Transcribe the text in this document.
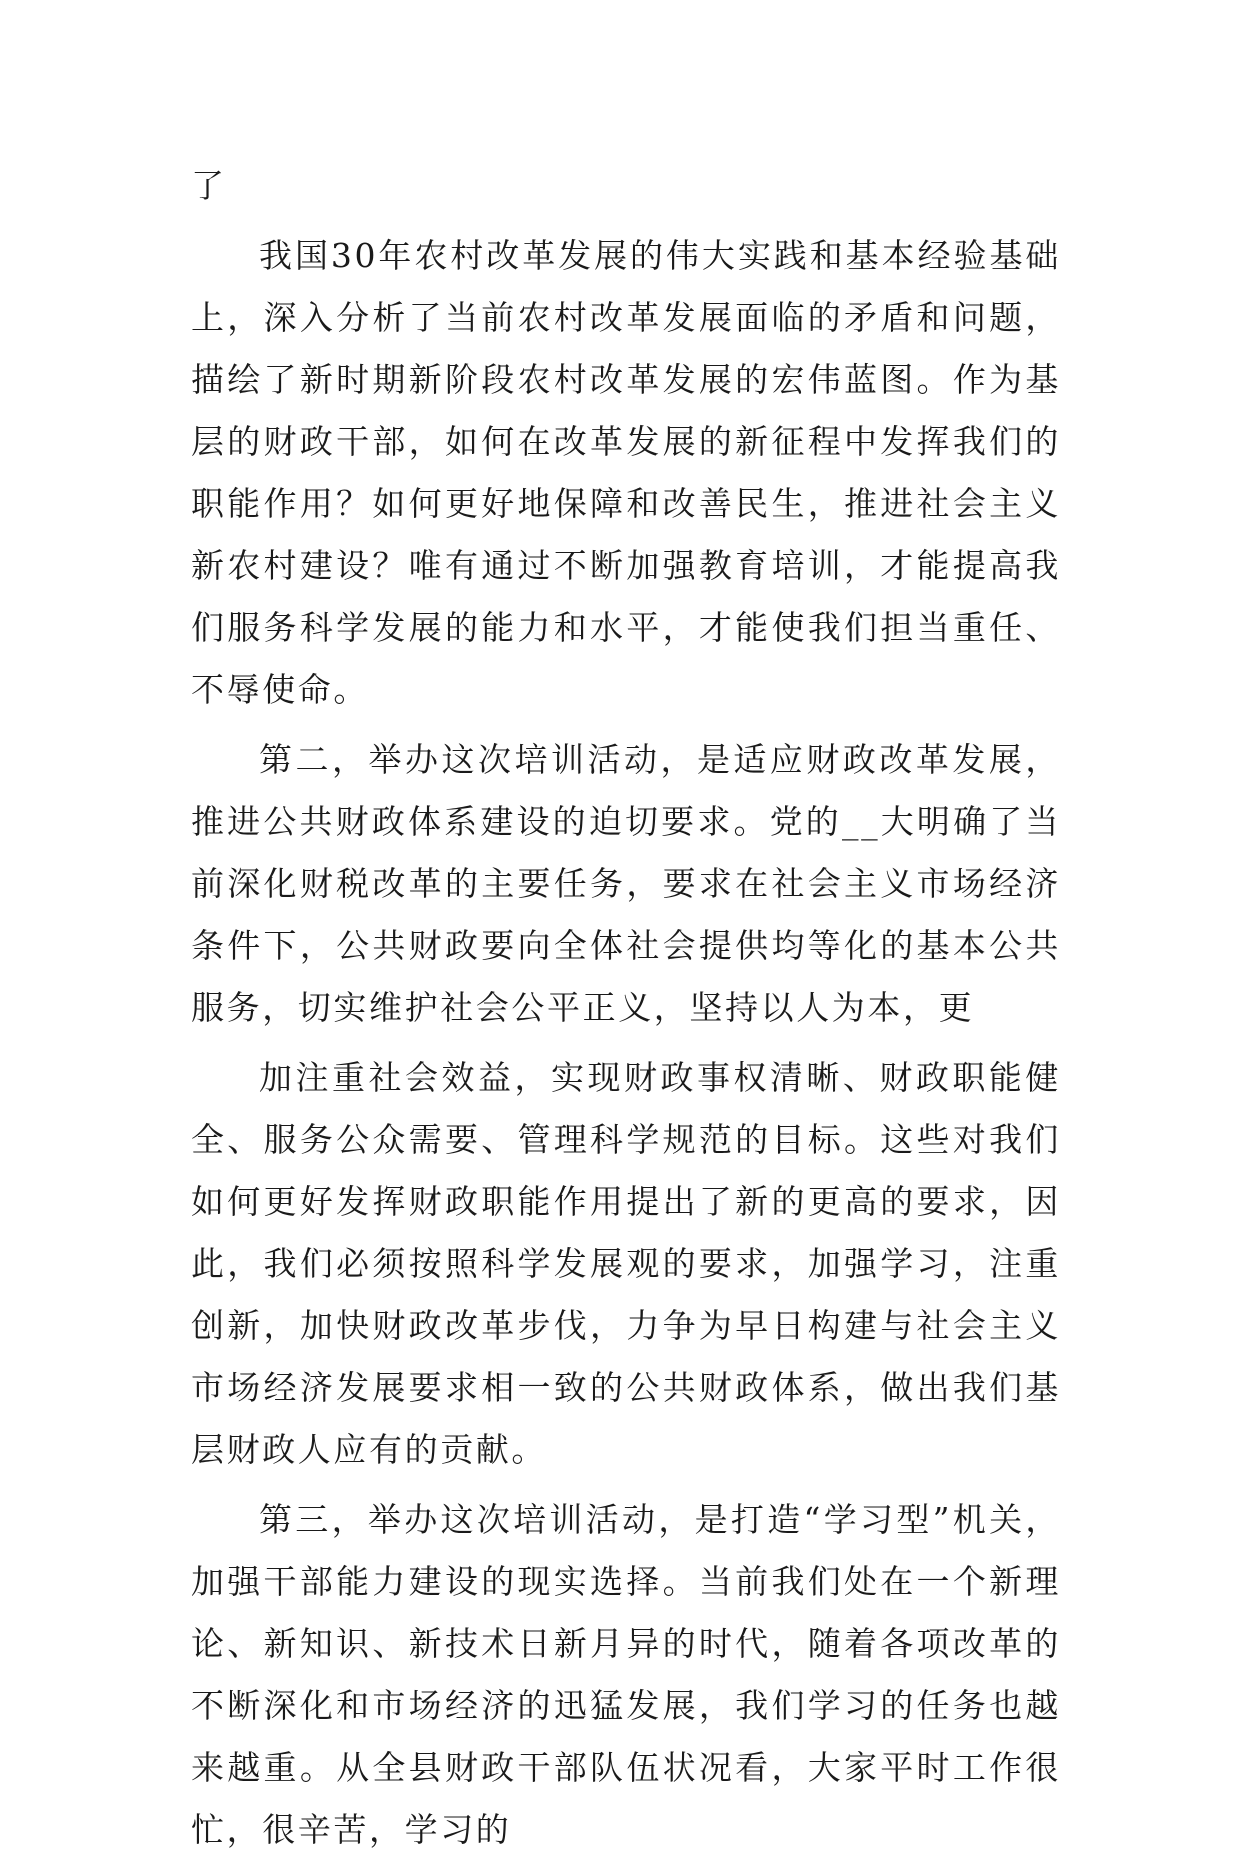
了

我国30年农村改革发展的伟大实践和基本经验基础上，深入分析了当前农村改革发展面临的矛盾和问题，描绘了新时期新阶段农村改革发展的宏伟蓝图。作为基层的财政干部，如何在改革发展的新征程中发挥我们的职能作用？如何更好地保障和改善民生，推进社会主义新农村建设？唯有通过不断加强教育培训，才能提高我们服务科学发展的能力和水平，才能使我们担当重任、不辱使命。

第二，举办这次培训活动，是适应财政改革发展，推进公共财政体系建设的迫切要求。党的__大明确了当前深化财税改革的主要任务，要求在社会主义市场经济条件下，公共财政要向全体社会提供均等化的基本公共服务，切实维护社会公平正义，坚持以人为本，更

加注重社会效益，实现财政事权清晰、财政职能健全、服务公众需要、管理科学规范的目标。这些对我们如何更好发挥财政职能作用提出了新的更高的要求，因此，我们必须按照科学发展观的要求，加强学习，注重创新，加快财政改革步伐，力争为早日构建与社会主义市场经济发展要求相一致的公共财政体系，做出我们基层财政人应有的贡献。

第三，举办这次培训活动，是打造“学习型”机关，加强干部能力建设的现实选择。当前我们处在一个新理论、新知识、新技术日新月异的时代，随着各项改革的不断深化和市场经济的迅猛发展，我们学习的任务也越来越重。从全县财政干部队伍状况看，大家平时工作很忙，很辛苦，学习的
